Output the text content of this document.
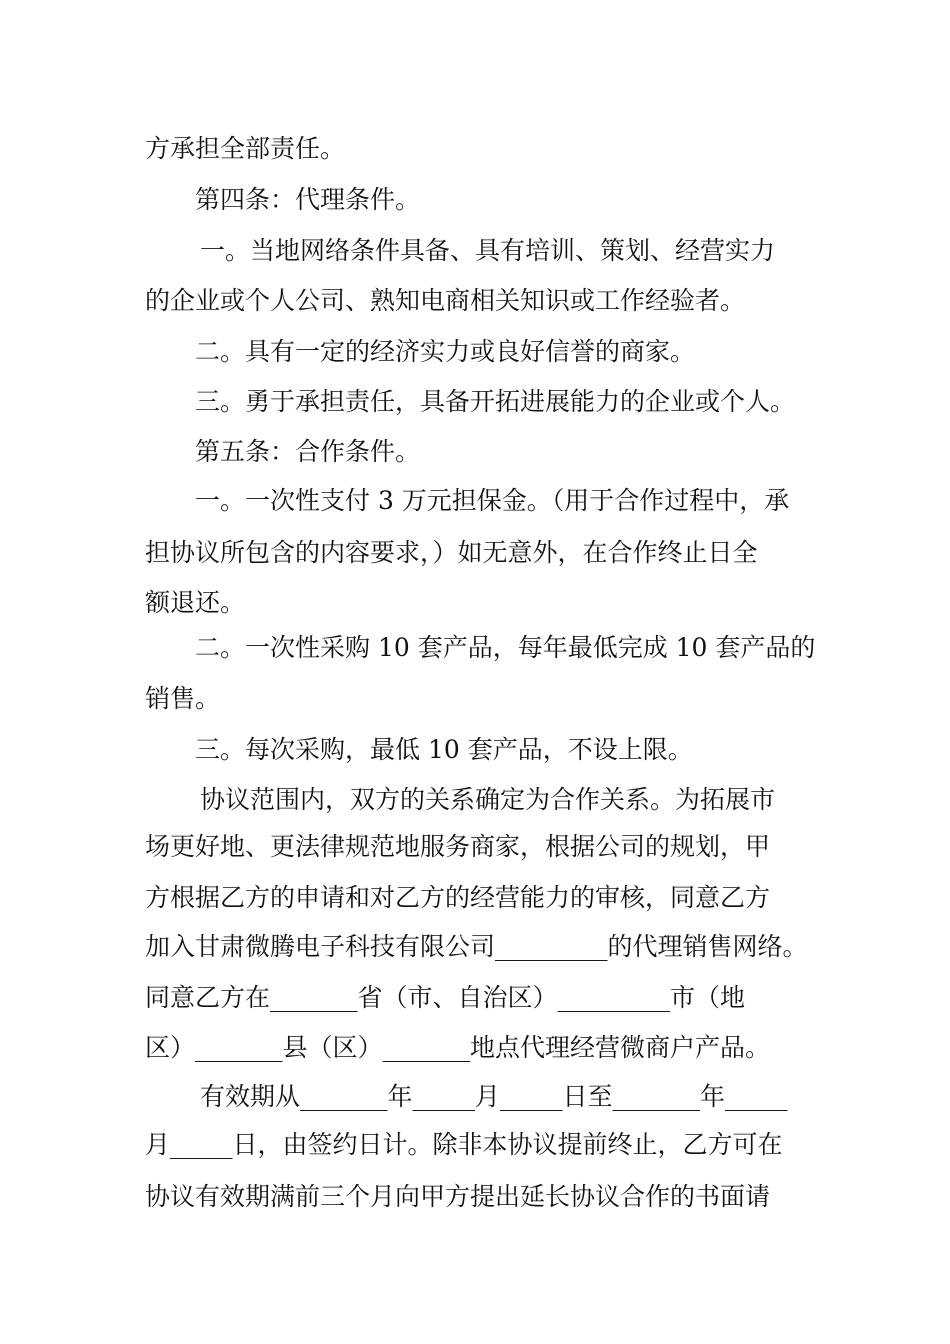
方承担全部责任。

第四条：代理条件。

一。当地网络条件具备、具有培训、策划、经营实力

的企业或个人公司、熟知电商相关知识或工作经验者。

二。具有一定的经济实力或良好信誉的商家。

三。勇于承担责任，具备开拓进展能力的企业或个人。

第五条：合作条件。

一。一次性支付 3 万元担保金。（用于合作过程中，承

担协议所包含的内容要求，）如无意外，在合作终止日全

额退还。

二。一次性采购 10 套产品，每年最低完成 10 套产品的

销售。

三。每次采购，最低 10 套产品，不设上限。

协议范围内，双方的关系确定为合作关系。为拓展市

场更好地、更法律规范地服务商家，根据公司的规划，甲

方根据乙方的申请和对乙方的经营能力的审核，同意乙方

加入甘肃微腾电子科技有限公司_________的代理销售网络。

同意乙方在_______省（市、自治区）_________市（地

区）_______县（区）_______地点代理经营微商户产品。

有效期从_______年_____月_____日至_______年_____

月_____日，由签约日计。除非本协议提前终止，乙方可在

协议有效期满前三个月向甲方提出延长协议合作的书面请
